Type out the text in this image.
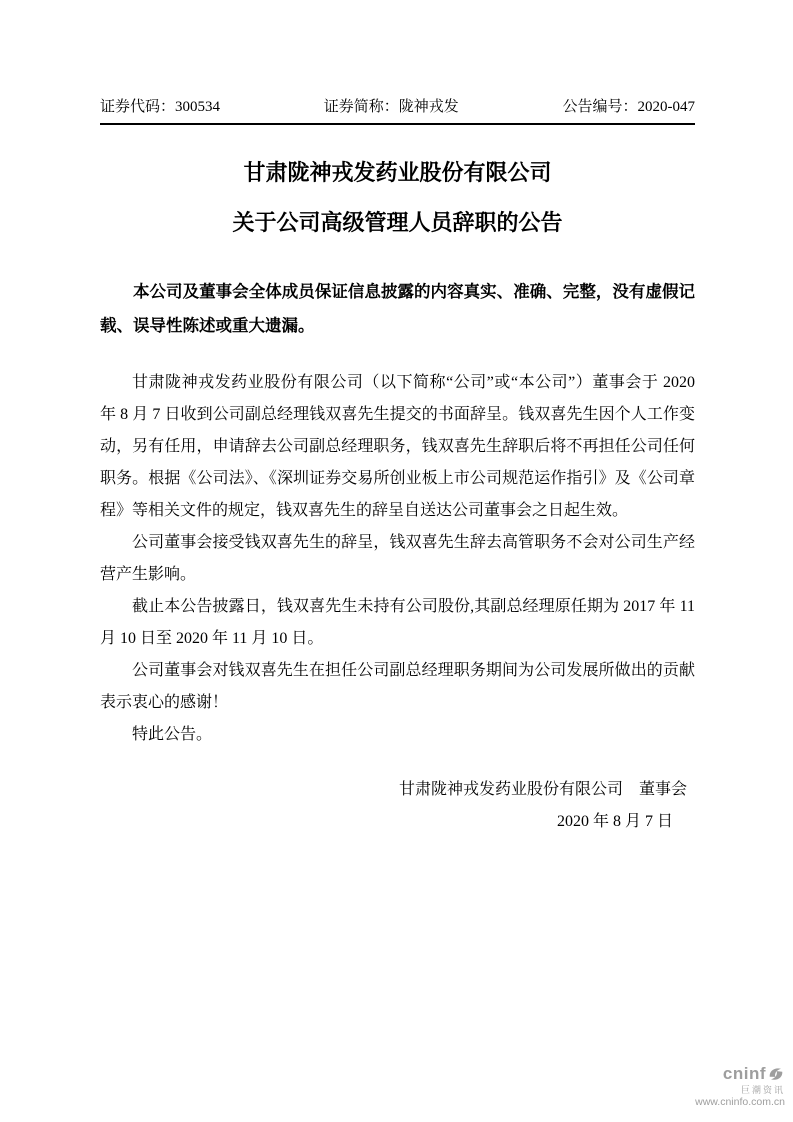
证券代码：300534	证券简称：陇神戎发	公告编号：2020-047
甘肃陇神戎发药业股份有限公司
关于公司高级管理人员辞职的公告
本公司及董事会全体成员保证信息披露的内容真实、准确、完整，没有虚假记载、误导性陈述或重大遗漏。

甘肃陇神戎发药业股份有限公司（以下简称“公司”或“本公司”）董事会于 2020 年 8 月 7 日收到公司副总经理钱双喜先生提交的书面辞呈。钱双喜先生因个人工作变动，另有任用，申请辞去公司副总经理职务，钱双喜先生辞职后将不再担任公司任何职务。根据《公司法》、《深圳证券交易所创业板上市公司规范运作指引》及《公司章程》等相关文件的规定，钱双喜先生的辞呈自送达公司董事会之日起生效。

公司董事会接受钱双喜先生的辞呈，钱双喜先生辞去高管职务不会对公司生产经营产生影响。

截止本公告披露日，钱双喜先生未持有公司股份,其副总经理原任期为 2017 年 11 月 10 日至 2020 年 11 月 10 日。

公司董事会对钱双喜先生在担任公司副总经理职务期间为公司发展所做出的贡献表示衷心的感谢！

特此公告。

甘肃陇神戎发药业股份有限公司　董事会
2020 年 8 月 7 日
cninf
巨潮资讯
www.cninfo.com.cn
